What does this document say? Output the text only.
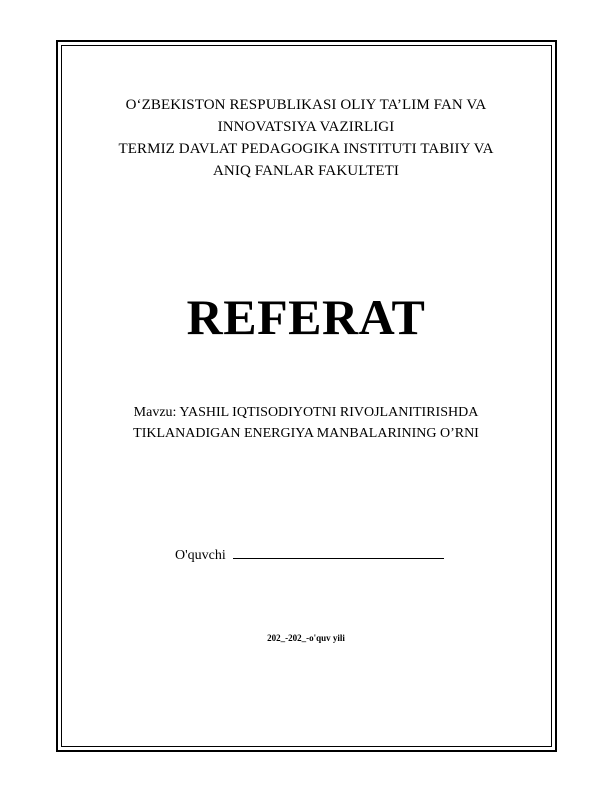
O‘ZBEKISTON RESPUBLIKASI OLIY TA’LIM FAN VA
INNOVATSIYA VAZIRLIGI
TERMIZ DAVLAT PEDAGOGIKA INSTITUTI TABIIY VA
ANIQ FANLAR FAKULTETI
REFERAT
Mavzu: YASHIL IQTISODIYOTNI RIVOJLANITIRISHDA
TIKLANADIGAN ENERGIYA MANBALARINING O’RNI
O'quvchi
202_-202_-o'quv yili
